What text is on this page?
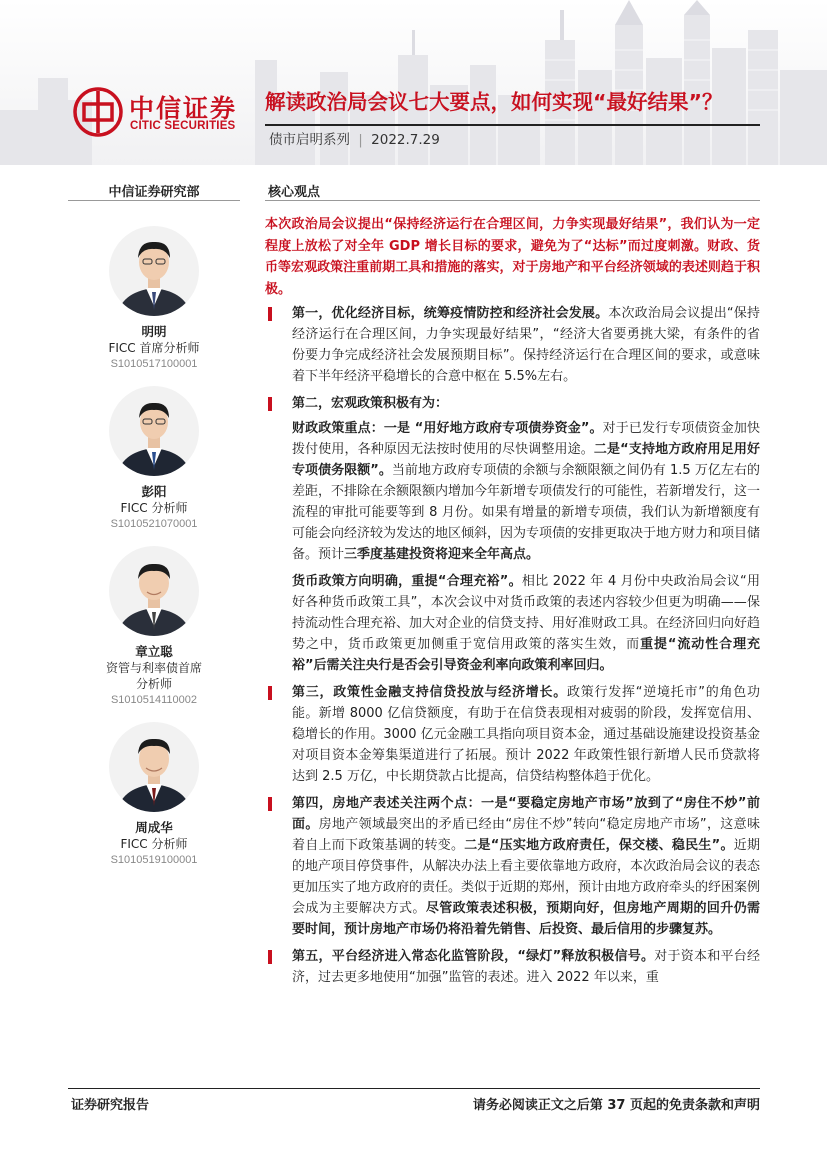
中信证券
CITIC SECURITIES
解读政治局会议七大要点，如何实现“最好结果”？
债市启明系列 | 2022.7.29
中信证券研究部	核心观点
明明
FICC 首席分析师
S1010517100001
彭阳
FICC 分析师
S1010521070001
章立聪
资管与利率债首席
分析师
S1010514110002
周成华
FICC 分析师
S1010519100001
本次政治局会议提出“保持经济运行在合理区间，力争实现最好结果”，我们认为一定程度上放松了对全年 GDP 增长目标的要求，避免为了“达标”而过度刺激。财政、货币等宏观政策注重前期工具和措施的落实，对于房地产和平台经济领域的表述则趋于积极。
第一，优化经济目标，统筹疫情防控和经济社会发展。本次政治局会议提出“保持经济运行在合理区间，力争实现最好结果”，“经济大省要勇挑大梁，有条件的省份要力争完成经济社会发展预期目标”。保持经济运行在合理区间的要求，或意味着下半年经济平稳增长的合意中枢在 5.5%左右。
第二，宏观政策积极有为：
财政政策重点：一是 “用好地方政府专项债券资金”。对于已发行专项债资金加快拨付使用，各种原因无法按时使用的尽快调整用途。二是“支持地方政府用足用好专项债务限额”。当前地方政府专项债的余额与余额限额之间仍有 1.5 万亿左右的差距，不排除在余额限额内增加今年新增专项债发行的可能性，若新增发行，这一流程的审批可能要等到 8 月份。如果有增量的新增专项债，我们认为新增额度有可能会向经济较为发达的地区倾斜，因为专项债的安排更取决于地方财力和项目储备。预计三季度基建投资将迎来全年高点。
货币政策方向明确，重提“合理充裕”。相比 2022 年 4 月份中央政治局会议“用好各种货币政策工具”，本次会议中对货币政策的表述内容较少但更为明确——保持流动性合理充裕、加大对企业的信贷支持、用好准财政工具。在经济回归向好趋势之中，货币政策更加侧重于宽信用政策的落实生效，而重提“流动性合理充裕”后需关注央行是否会引导资金利率向政策利率回归。
第三，政策性金融支持信贷投放与经济增长。政策行发挥“逆境托市”的角色功能。新增 8000 亿信贷额度，有助于在信贷表现相对疲弱的阶段，发挥宽信用、稳增长的作用。3000 亿元金融工具指向项目资本金，通过基础设施建设投资基金对项目资本金筹集渠道进行了拓展。预计 2022 年政策性银行新增人民币贷款将达到 2.5 万亿，中长期贷款占比提高，信贷结构整体趋于优化。
第四，房地产表述关注两个点：一是“要稳定房地产市场”放到了“房住不炒”前面。房地产领域最突出的矛盾已经由“房住不炒”转向“稳定房地产市场”，这意味着自上而下政策基调的转变。二是“压实地方政府责任，保交楼、稳民生”。近期的地产项目停贷事件，从解决办法上看主要依靠地方政府，本次政治局会议的表态更加压实了地方政府的责任。类似于近期的郑州，预计由地方政府牵头的纾困案例会成为主要解决方式。尽管政策表述积极，预期向好，但房地产周期的回升仍需要时间，预计房地产市场仍将沿着先销售、后投资、最后信用的步骤复苏。
第五，平台经济进入常态化监管阶段，“绿灯”释放积极信号。对于资本和平台经济，过去更多地使用“加强”监管的表述。进入 2022 年以来，重
证券研究报告	请务必阅读正文之后第 37 页起的免责条款和声明
